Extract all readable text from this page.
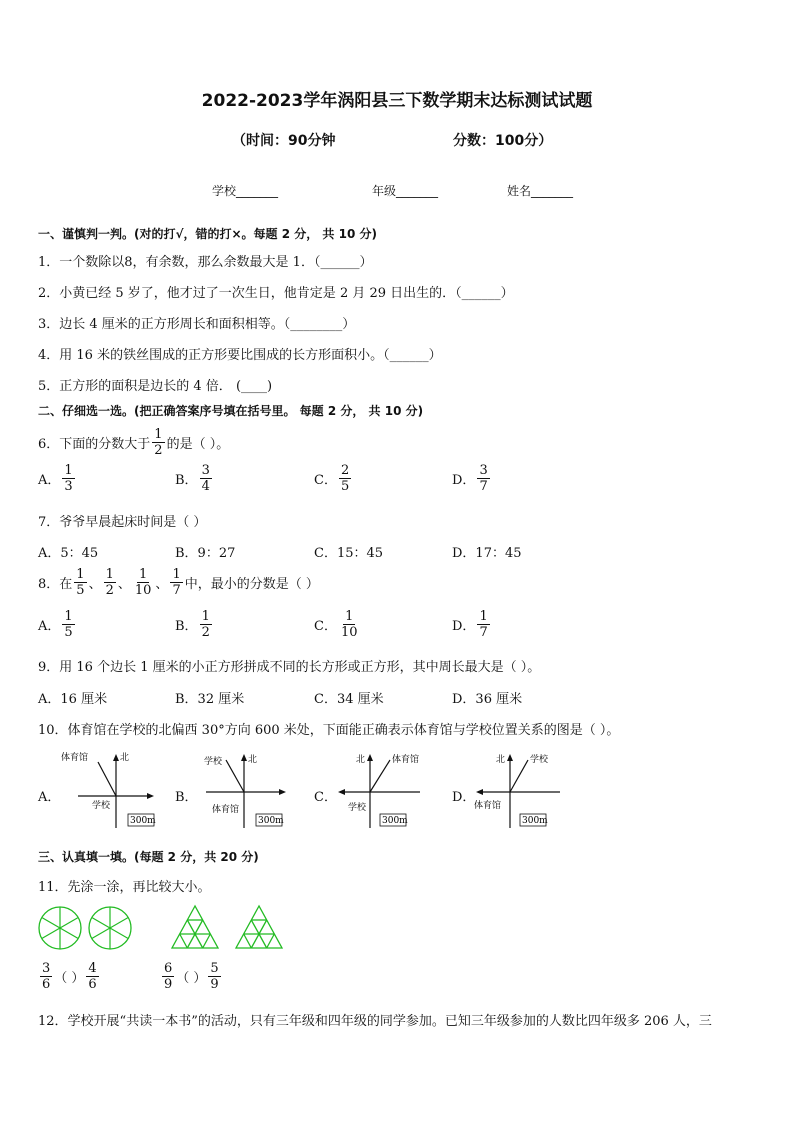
2022-2023学年涡阳县三下数学期末达标测试试题
（时间：90分钟	分数：100分）
学校_______	年级_______	姓名_______
一、谨慎判一判。(对的打√，错的打×。每题 2 分， 共 10 分)
1．一个数除以8，有余数，那么余数最大是 1．（______）
2．小黄已经 5 岁了，他才过了一次生日，他肯定是 2 月 29 日出生的．（______）
3．边长 4 厘米的正方形周长和面积相等。（________）
4．用 16 米的铁丝围成的正方形要比围成的长方形面积小。（______）
5．正方形的面积是边长的 4 倍． (____)
二、仔细选一选。(把正确答案序号填在括号里。 每题 2 分， 共 10 分)
6．下面的分数大于 $\frac{1}{2}$ 的是（ ）。
A． $\frac{1}{3}$	B． $\frac{3}{4}$	C． $\frac{2}{5}$	D． $\frac{3}{7}$
7．爷爷早晨起床时间是（ ）
A．5：45	B．9：27	C．15：45	D．17：45
8．在 $\frac{1}{5}$ 、 $\frac{1}{2}$ 、 $\frac{1}{10}$ 、 $\frac{1}{7}$ 中，最小的分数是（ ）
A． $\frac{1}{5}$	B． $\frac{1}{2}$	C． $\frac{1}{10}$	D． $\frac{1}{7}$
9．用 16 个边长 1 厘米的小正方形拼成不同的长方形或正方形，其中周长最大是（ ）。
A．16 厘米	B．32 厘米	C．34 厘米	D．36 厘米
10．体育馆在学校的北偏西 30°方向 600 米处，下面能正确表示体育馆与学校位置关系的图是（ ）。
A．	B．	C．	D．
体育馆	北
学校
300m
学校	北
体育馆
300m
北	体育馆
学校
300m
北	学校
体育馆
300m
三、认真填一填。(每题 2 分，共 20 分)
11．先涂一涂，再比较大小。
$\frac{3}{6}$ （ ） $\frac{4}{6}$	$\frac{6}{9}$ （ ） $\frac{5}{9}$
12．学校开展“共读一本书”的活动，只有三年级和四年级的同学参加。已知三年级参加的人数比四年级多 206 人，三
